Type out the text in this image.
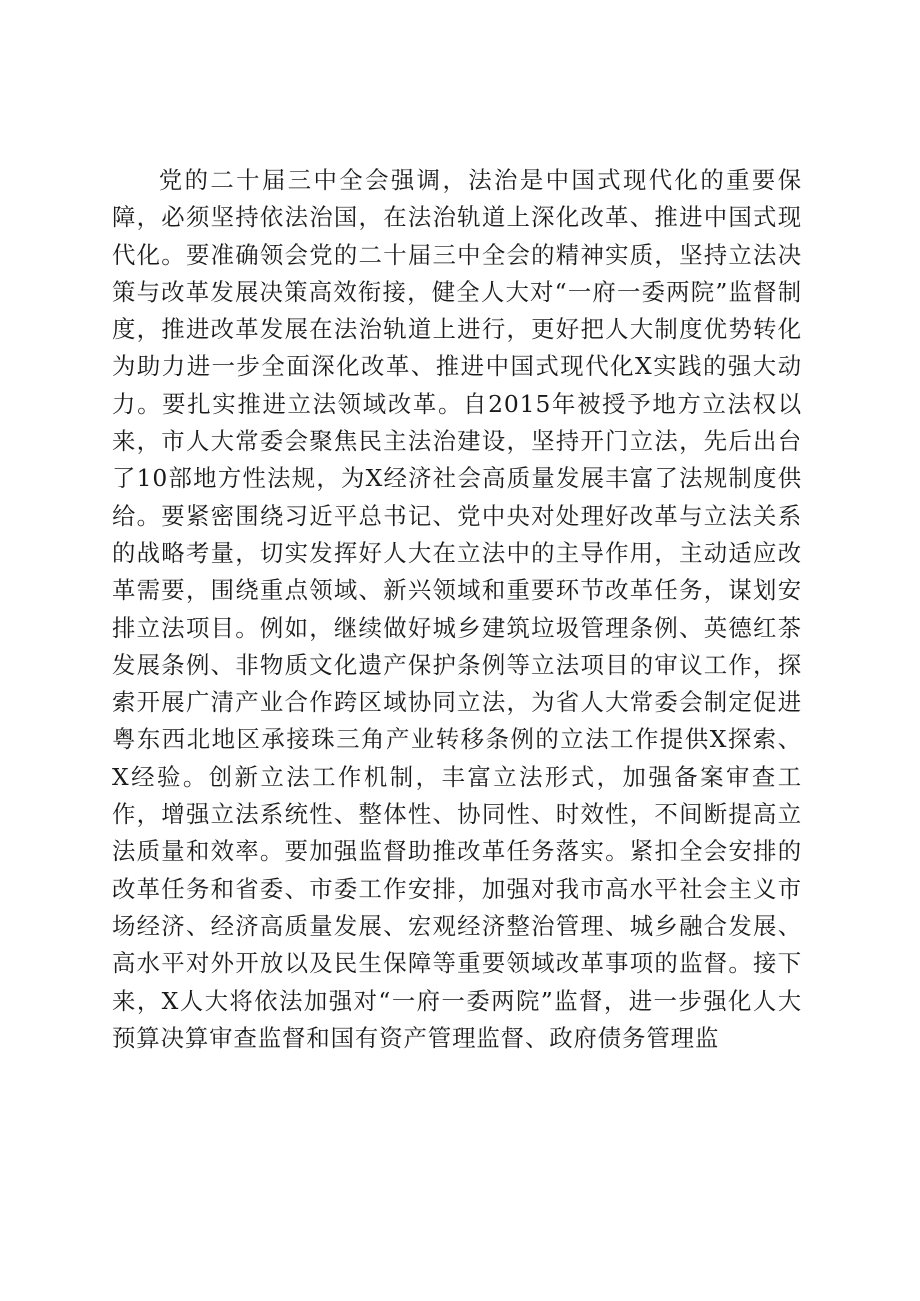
党的二十届三中全会强调，法治是中国式现代化的重要保障，必须坚持依法治国，在法治轨道上深化改革、推进中国式现代化。要准确领会党的二十届三中全会的精神实质，坚持立法决策与改革发展决策高效衔接，健全人大对“一府一委两院”监督制度，推进改革发展在法治轨道上进行，更好把人大制度优势转化为助力进一步全面深化改革、推进中国式现代化X实践的强大动力。要扎实推进立法领域改革。自2015年被授予地方立法权以来，市人大常委会聚焦民主法治建设，坚持开门立法，先后出台了10部地方性法规，为X经济社会高质量发展丰富了法规制度供给。要紧密围绕习近平总书记、党中央对处理好改革与立法关系的战略考量，切实发挥好人大在立法中的主导作用，主动适应改革需要，围绕重点领域、新兴领域和重要环节改革任务，谋划安排立法项目。例如，继续做好城乡建筑垃圾管理条例、英德红茶发展条例、非物质文化遗产保护条例等立法项目的审议工作，探索开展广清产业合作跨区域协同立法，为省人大常委会制定促进粤东西北地区承接珠三角产业转移条例的立法工作提供X探索、X经验。创新立法工作机制，丰富立法形式，加强备案审查工作，增强立法系统性、整体性、协同性、时效性，不间断提高立法质量和效率。要加强监督助推改革任务落实。紧扣全会安排的改革任务和省委、市委工作安排，加强对我市高水平社会主义市场经济、经济高质量发展、宏观经济整治管理、城乡融合发展、高水平对外开放以及民生保障等重要领域改革事项的监督。接下来，X人大将依法加强对“一府一委两院”监督，进一步强化人大预算决算审查监督和国有资产管理监督、政府债务管理监
